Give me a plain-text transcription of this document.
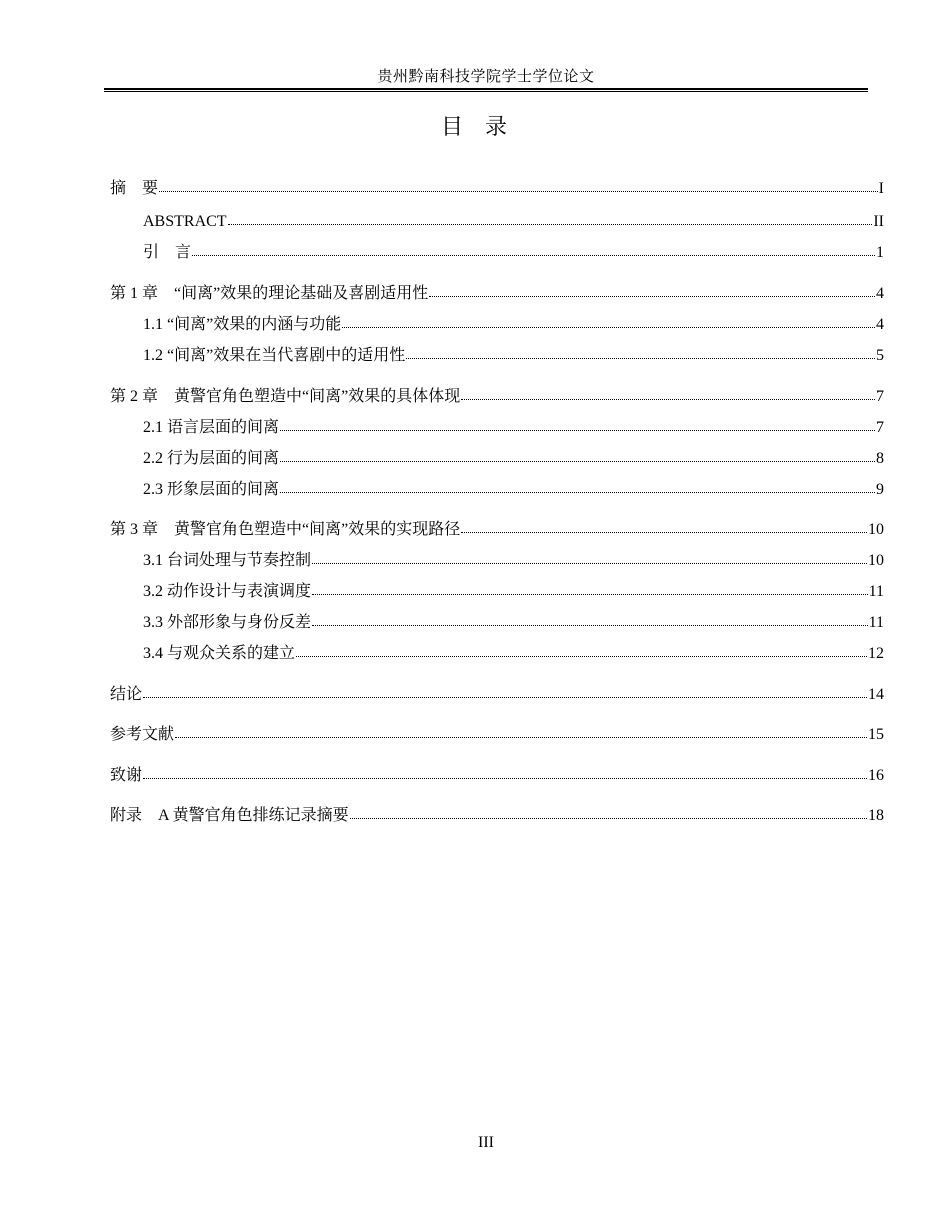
贵州黔南科技学院学士学位论文
目录
摘　要	I
ABSTRACT	II
引　言	1
第 1 章　“间离”效果的理论基础及喜剧适用性	4
1.1 “间离”效果的内涵与功能	4
1.2 “间离”效果在当代喜剧中的适用性	5
第 2 章　黄警官角色塑造中“间离”效果的具体体现	7
2.1 语言层面的间离	7
2.2 行为层面的间离	8
2.3 形象层面的间离	9
第 3 章　黄警官角色塑造中“间离”效果的实现路径	10
3.1 台词处理与节奏控制	10
3.2 动作设计与表演调度	11
3.3 外部形象与身份反差	11
3.4 与观众关系的建立	12
结论	14
参考文献	15
致谢	16
附录　A 黄警官角色排练记录摘要	18
III
